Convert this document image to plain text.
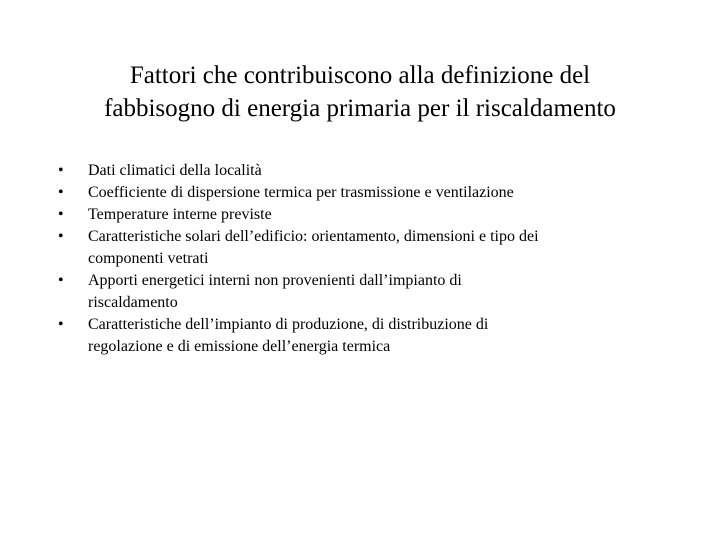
Fattori che contribuiscono alla definizione del
fabbisogno di energia primaria per il riscaldamento
•	Dati climatici della località
•	Coefficiente di dispersione termica per trasmissione e ventilazione
•	Temperature interne previste
•	Caratteristiche solari dell’edificio: orientamento, dimensioni e tipo dei
componenti vetrati
•	Apporti energetici interni non provenienti dall’impianto di
riscaldamento
•	Caratteristiche dell’impianto di produzione, di distribuzione di
regolazione e di emissione dell’energia termica
